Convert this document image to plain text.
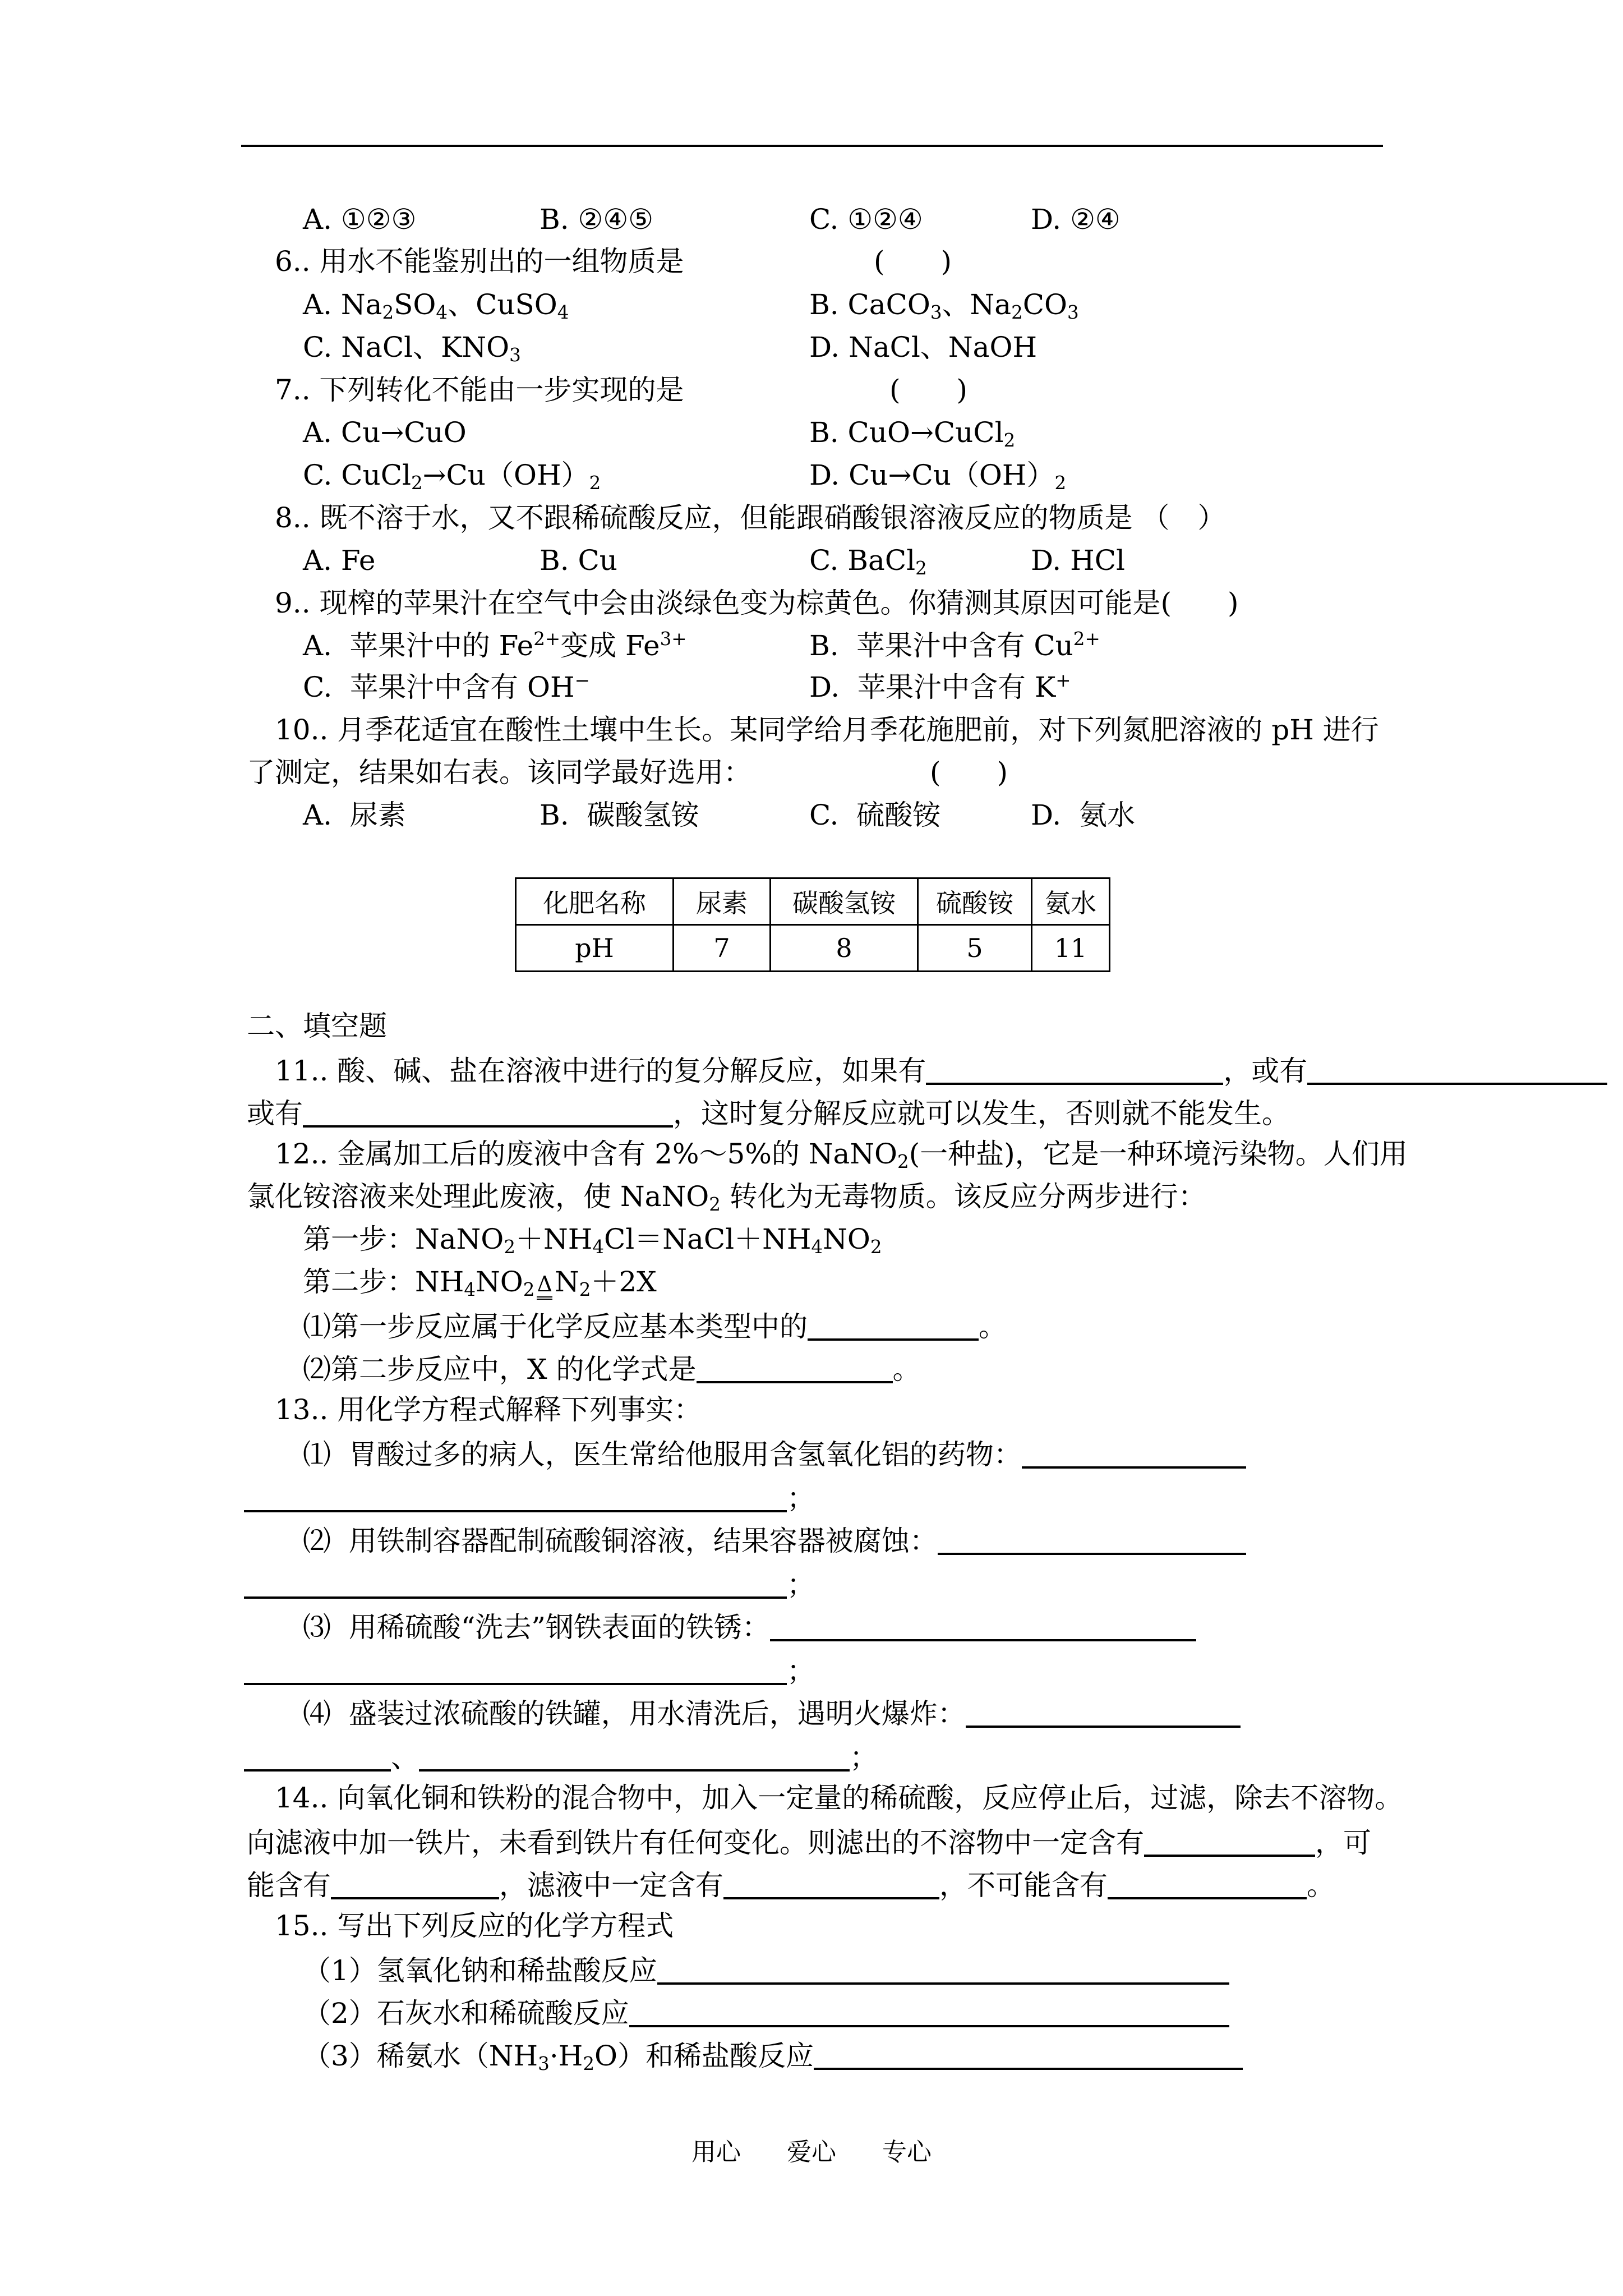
A. ①②③	B. ②④⑤	C. ①②④	D. ②④
6.. 用水不能鉴别出的一组物质是	(　　)
A. $Na_2SO_4$、CuSO$_4$	B. CaCO$_3$、$Na_2CO_3$
C. NaCl、$KNO_3$	D. NaCl、NaOH
7.. 下列转化不能由一步实现的是	(　　)
A. Cu→CuO	B. CuO→CuCl$_2$
C. $CuCl_2\to Cu(OH)_2$	D. $Cu\to Cu(OH)_2$
8.. 既不溶于水，又不跟稀硫酸反应，但能跟硝酸银溶液反应的物质是 （　）
A. Fe	B. Cu	C. BaCl$_2$	D. HCl
9.. 现榨的苹果汁在空气中会由淡绿色变为棕黄色。你猜测其原因可能是(　　)
A.  苹果汁中的 $Fe^{2+}$变成 $Fe^{3+}$	B.  苹果汁中含有 $Cu^{2+}$
C.  苹果汁中含有 OH−	D.  苹果汁中含有 K+
10.. 月季花适宜在酸性土壤中生长。某同学给月季花施肥前，对下列氮肥溶液的 pH 进行
了测定，结果如右表。该同学最好选用：	(　　)
A.  尿素	B.  碳酸氢铵	C.  硫酸铵	D.  氨水
化肥名称	尿素	碳酸氢铵	硫酸铵	氨水
pH	7	8	5	11
二、填空题
11.. 酸、碱、盐在溶液中进行的复分解反应，如果有	，或有
或有	，这时复分解反应就可以发生，否则就不能发生。
12.. 金属加工后的废液中含有 2%～5%的 NaNO$_2$(一种盐)，它是一种环境污染物。人们用
氯化铵溶液来处理此废液，使 NaNO$_2$ 转化为无毒物质。该反应分两步进行：
第一步：$NaNO_2+NH_4Cl=NaCl+NH_4NO_2$
第二步：$NH_4NO_2$ $\Delta N_2+2X$
⑴第一步反应属于化学反应基本类型中的	。
⑵第二步反应中，X 的化学式是	。
13.. 用化学方程式解释下列事实：
⑴  胃酸过多的病人，医生常给他服用含氢氧化铝的药物：
；
⑵  用铁制容器配制硫酸铜溶液，结果容器被腐蚀：
；
⑶  用稀硫酸“洗去”钢铁表面的铁锈：
；
⑷  盛装过浓硫酸的铁罐，用水清洗后，遇明火爆炸：
、	；
14.. 向氧化铜和铁粉的混合物中，加入一定量的稀硫酸，反应停止后，过滤，除去不溶物。
向滤液中加一铁片，未看到铁片有任何变化。则滤出的不溶物中一定含有	，可
能含有	，滤液中一定含有	，不可能含有	。
15.. 写出下列反应的化学方程式
（1）氢氧化钠和稀盐酸反应
（2）石灰水和稀硫酸反应
（3）稀氨水$(NH_3\cdot H_2O)$和稀盐酸反应
用心 爱心 专心
